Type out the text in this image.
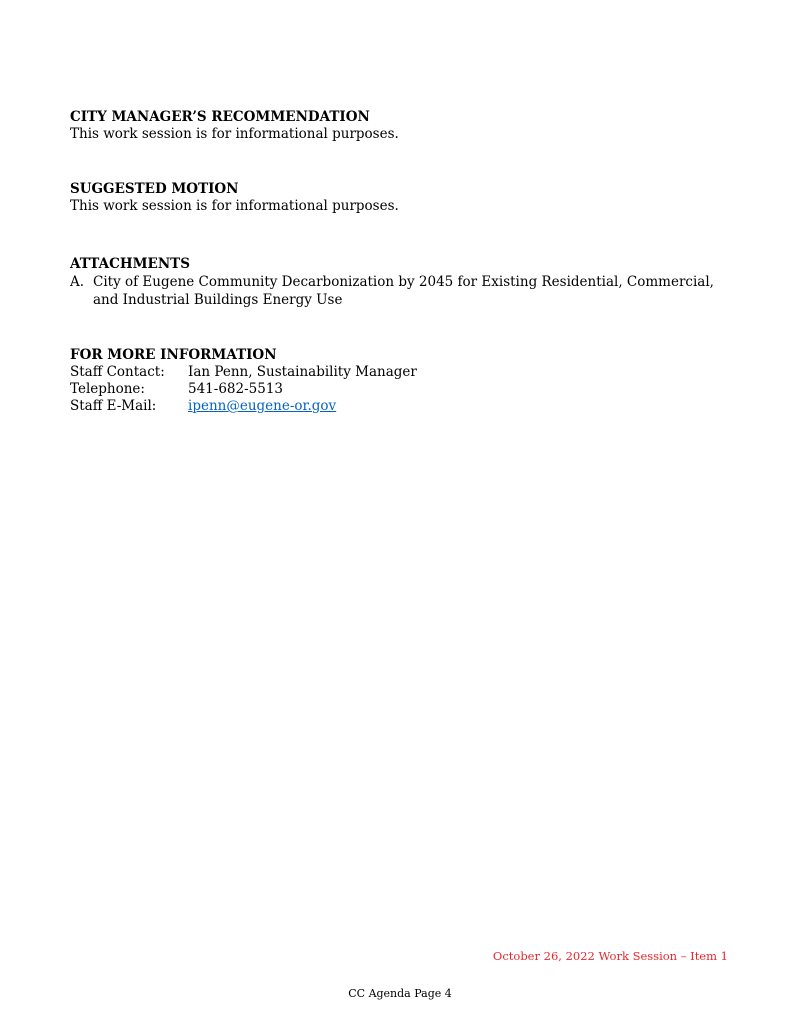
CITY MANAGER’S RECOMMENDATION

This work session is for informational purposes.

SUGGESTED MOTION

This work session is for informational purposes.

ATTACHMENTS

A. City of Eugene Community Decarbonization by 2045 for Existing Residential, Commercial, and Industrial Buildings Energy Use

FOR MORE INFORMATION

Staff Contact:	Ian Penn, Sustainability Manager
Telephone:	541-682-5513
Staff E-Mail:	ipenn@eugene-or.gov
October 26, 2022 Work Session – Item 1
CC Agenda Page 4
